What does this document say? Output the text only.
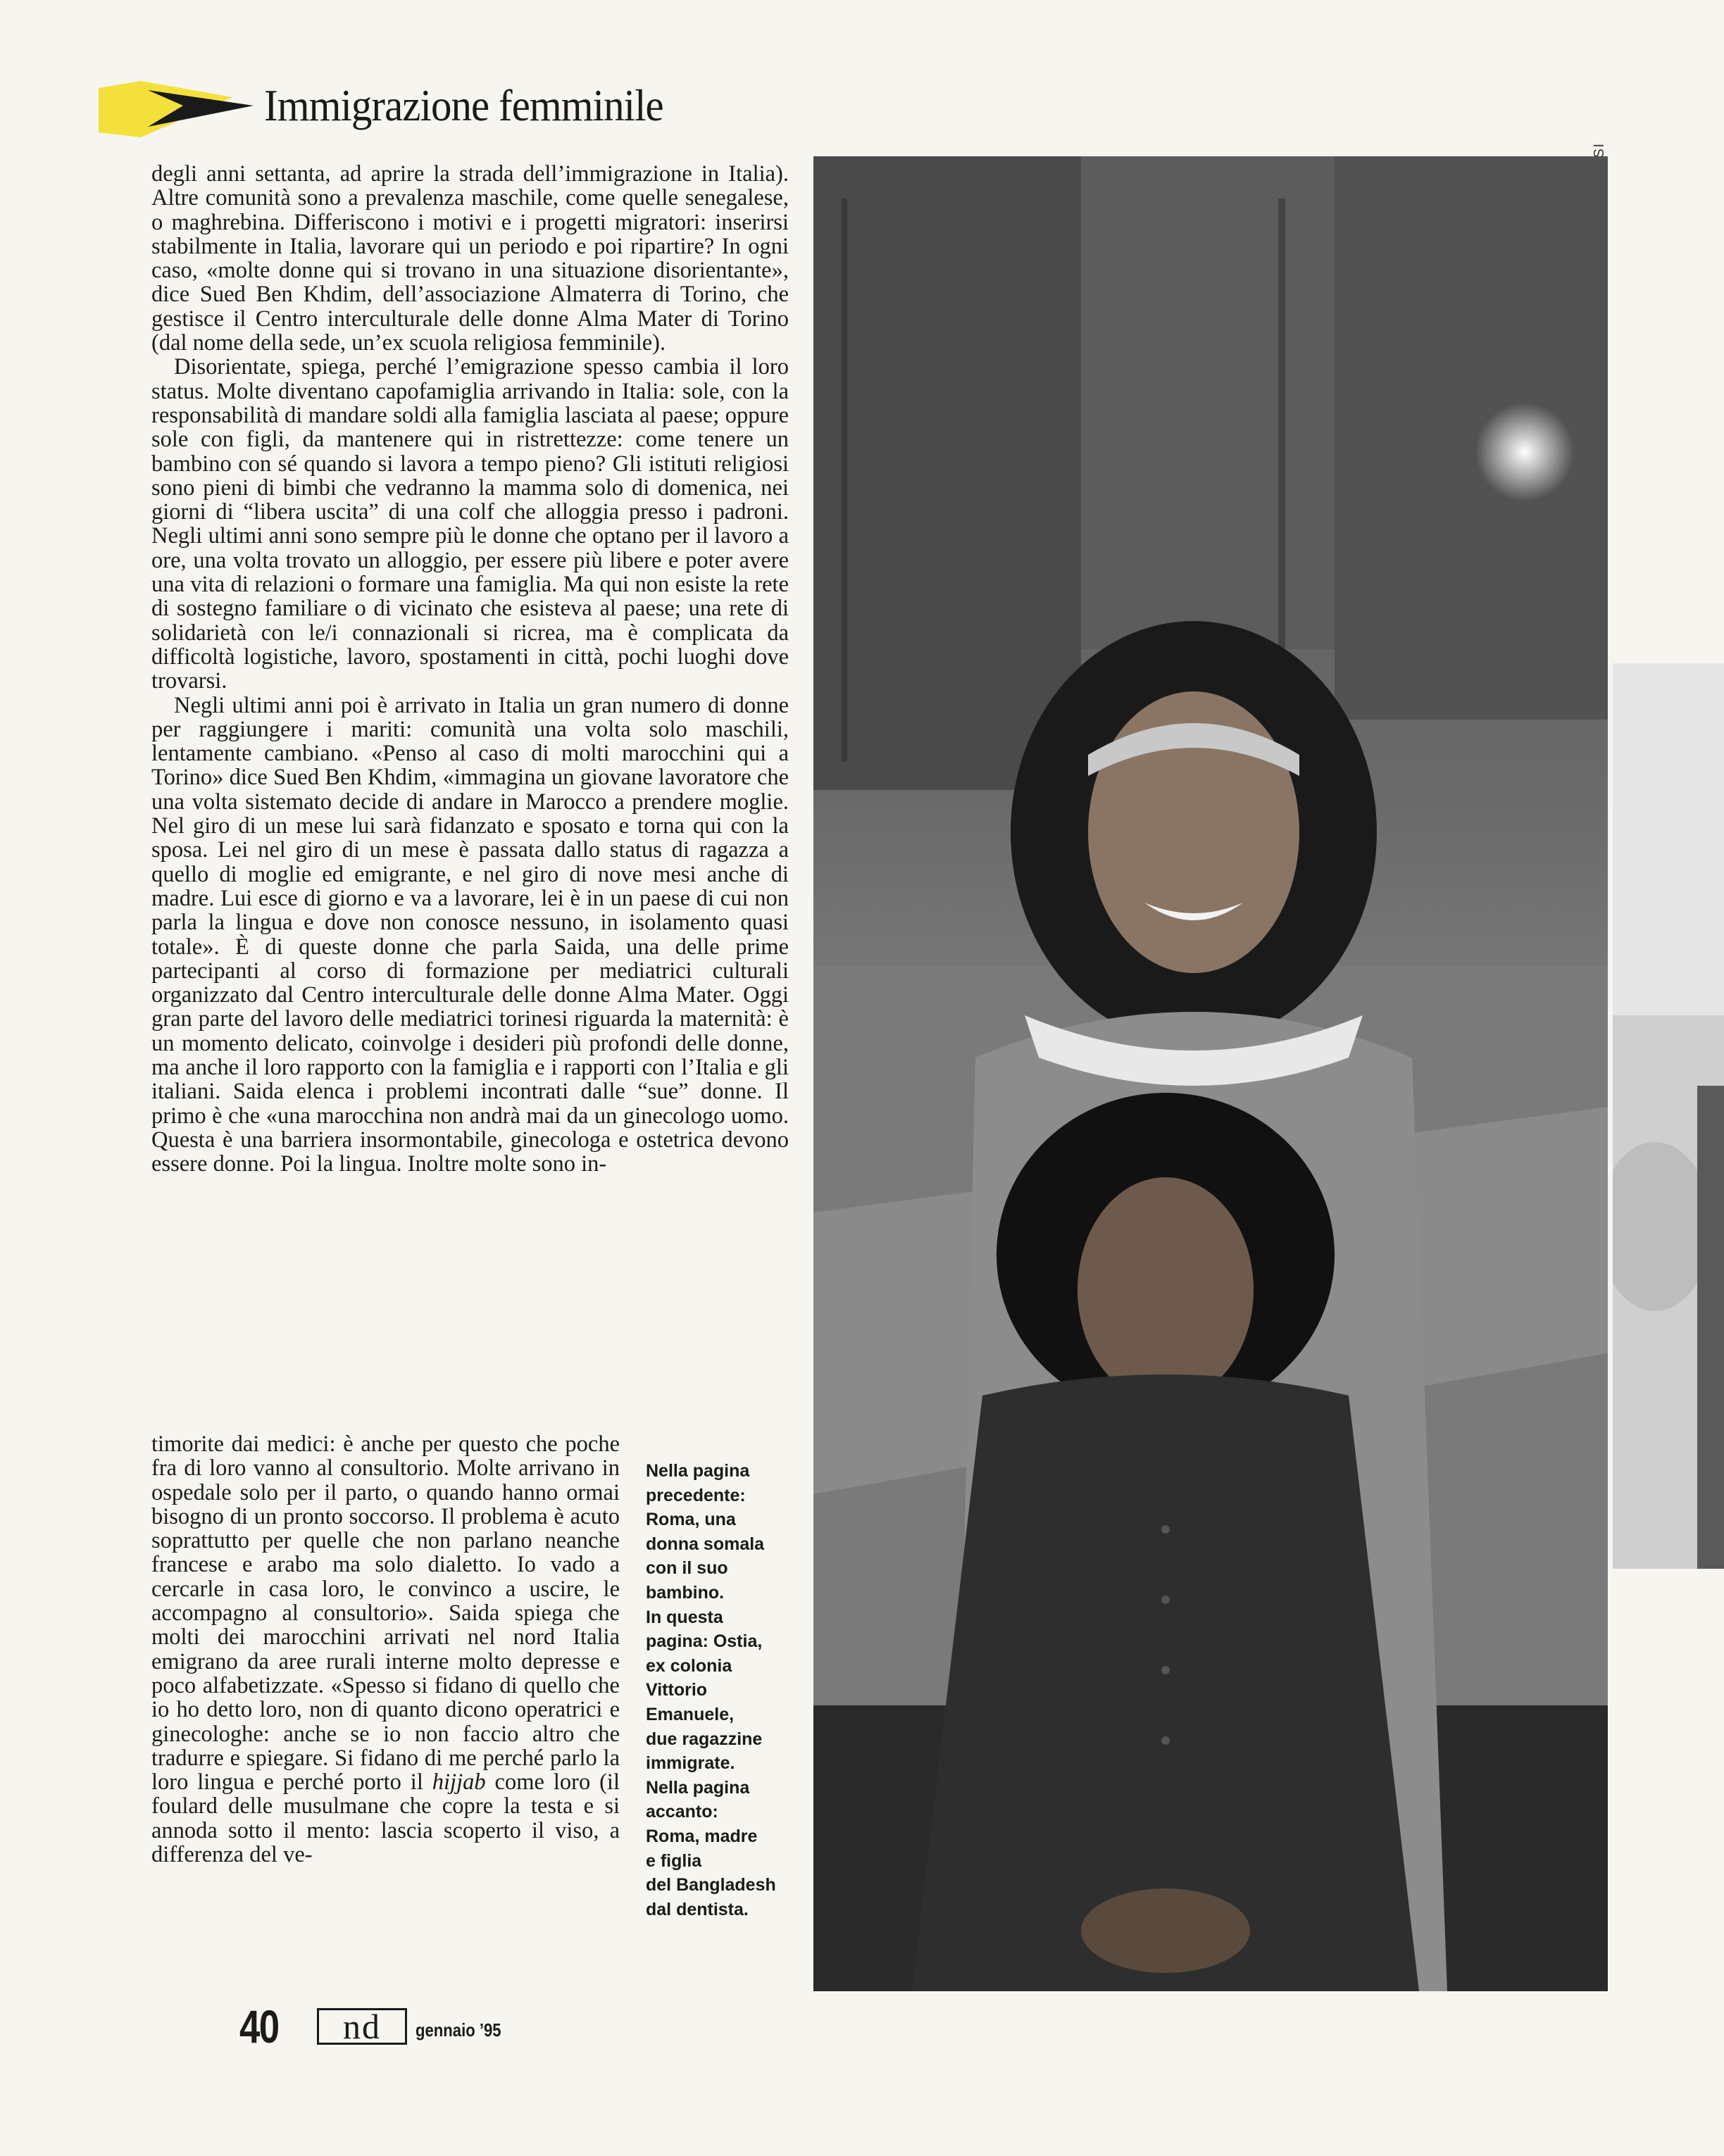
Immigrazione femminile

degli anni settanta, ad aprire la strada dell’immigrazione in Italia). Altre comunità sono a prevalenza maschile, come quelle senegalese, o maghrebina. Differiscono i motivi e i progetti migratori: inserirsi stabilmente in Italia, lavorare qui un periodo e poi ripartire? In ogni caso, «molte donne qui si trovano in una situazione disorientante», dice Sued Ben Khdim, dell’associazione Almaterra di Torino, che gestisce il Centro interculturale delle donne Alma Mater di Torino (dal nome della sede, un’ex scuola religiosa femminile).

Disorientate, spiega, perché l’emigrazione spesso cambia il loro status. Molte diventano capofamiglia arrivando in Italia: sole, con la responsabilità di mandare soldi alla famiglia lasciata al paese; oppure sole con figli, da mantenere qui in ristrettezze: come tenere un bambino con sé quando si lavora a tempo pieno? Gli istituti religiosi sono pieni di bimbi che vedranno la mamma solo di domenica, nei giorni di “libera uscita” di una colf che alloggia presso i padroni. Negli ultimi anni sono sempre più le donne che optano per il lavoro a ore, una volta trovato un alloggio, per essere più libere e poter avere una vita di relazioni o formare una famiglia. Ma qui non esiste la rete di sostegno familiare o di vicinato che esisteva al paese; una rete di solidarietà con le/i connazionali si ricrea, ma è complicata da difficoltà logistiche, lavoro, spostamenti in città, pochi luoghi dove trovarsi.

Negli ultimi anni poi è arrivato in Italia un gran numero di donne per raggiungere i mariti: comunità una volta solo maschili, lentamente cambiano. «Penso al caso di molti marocchini qui a Torino» dice Sued Ben Khdim, «immagina un giovane lavoratore che una volta sistemato decide di andare in Marocco a prendere moglie. Nel giro di un mese lui sarà fidanzato e sposato e torna qui con la sposa. Lei nel giro di un mese è passata dallo status di ragazza a quello di moglie ed emigrante, e nel giro di nove mesi anche di madre. Lui esce di giorno e va a lavorare, lei è in un paese di cui non parla la lingua e dove non conosce nessuno, in isolamento quasi totale». È di queste donne che parla Saida, una delle prime partecipanti al corso di formazione per mediatrici culturali organizzato dal Centro interculturale delle donne Alma Mater. Oggi gran parte del lavoro delle mediatrici torinesi riguarda la maternità: è un momento delicato, coinvolge i desideri più profondi delle donne, ma anche il loro rapporto con la famiglia e i rapporti con l’Italia e gli italiani. Saida elenca i problemi incontrati dalle “sue” donne. Il primo è che «una marocchina non andrà mai da un ginecologo uomo. Questa è una barriera insormontabile, ginecologa e ostetrica devono essere donne. Poi la lingua. Inoltre molte sono in-

timorite dai medici: è anche per questo che poche fra di loro vanno al consultorio. Molte arrivano in ospedale solo per il parto, o quando hanno ormai bisogno di un pronto soccorso. Il problema è acuto soprattutto per quelle che non parlano neanche francese e arabo ma solo dialetto. Io vado a cercarle in casa loro, le convinco a uscire, le accompagno al consultorio». Saida spiega che molti dei marocchini arrivati nel nord Italia emigrano da aree rurali interne molto depresse e poco alfabetizzate. «Spesso si fidano di quello che io ho detto loro, non di quanto dicono operatrici e ginecologhe: anche se io non faccio altro che tradurre e spiegare. Si fidano di me perché parlo la loro lingua e perché porto il hijjab come loro (il foulard delle musulmane che copre la testa e si annoda sotto il mento: lascia scoperto il viso, a differenza del ve-

Nella pagina
precedente:
Roma, una
donna somala
con il suo
bambino.
In questa
pagina: Ostia,
ex colonia
Vittorio
Emanuele,
due ragazzine
immigrate.
Nella pagina
accanto:
Roma, madre
e figlia
del Bangladesh
dal dentista.
40	nd	gennaio ’95
